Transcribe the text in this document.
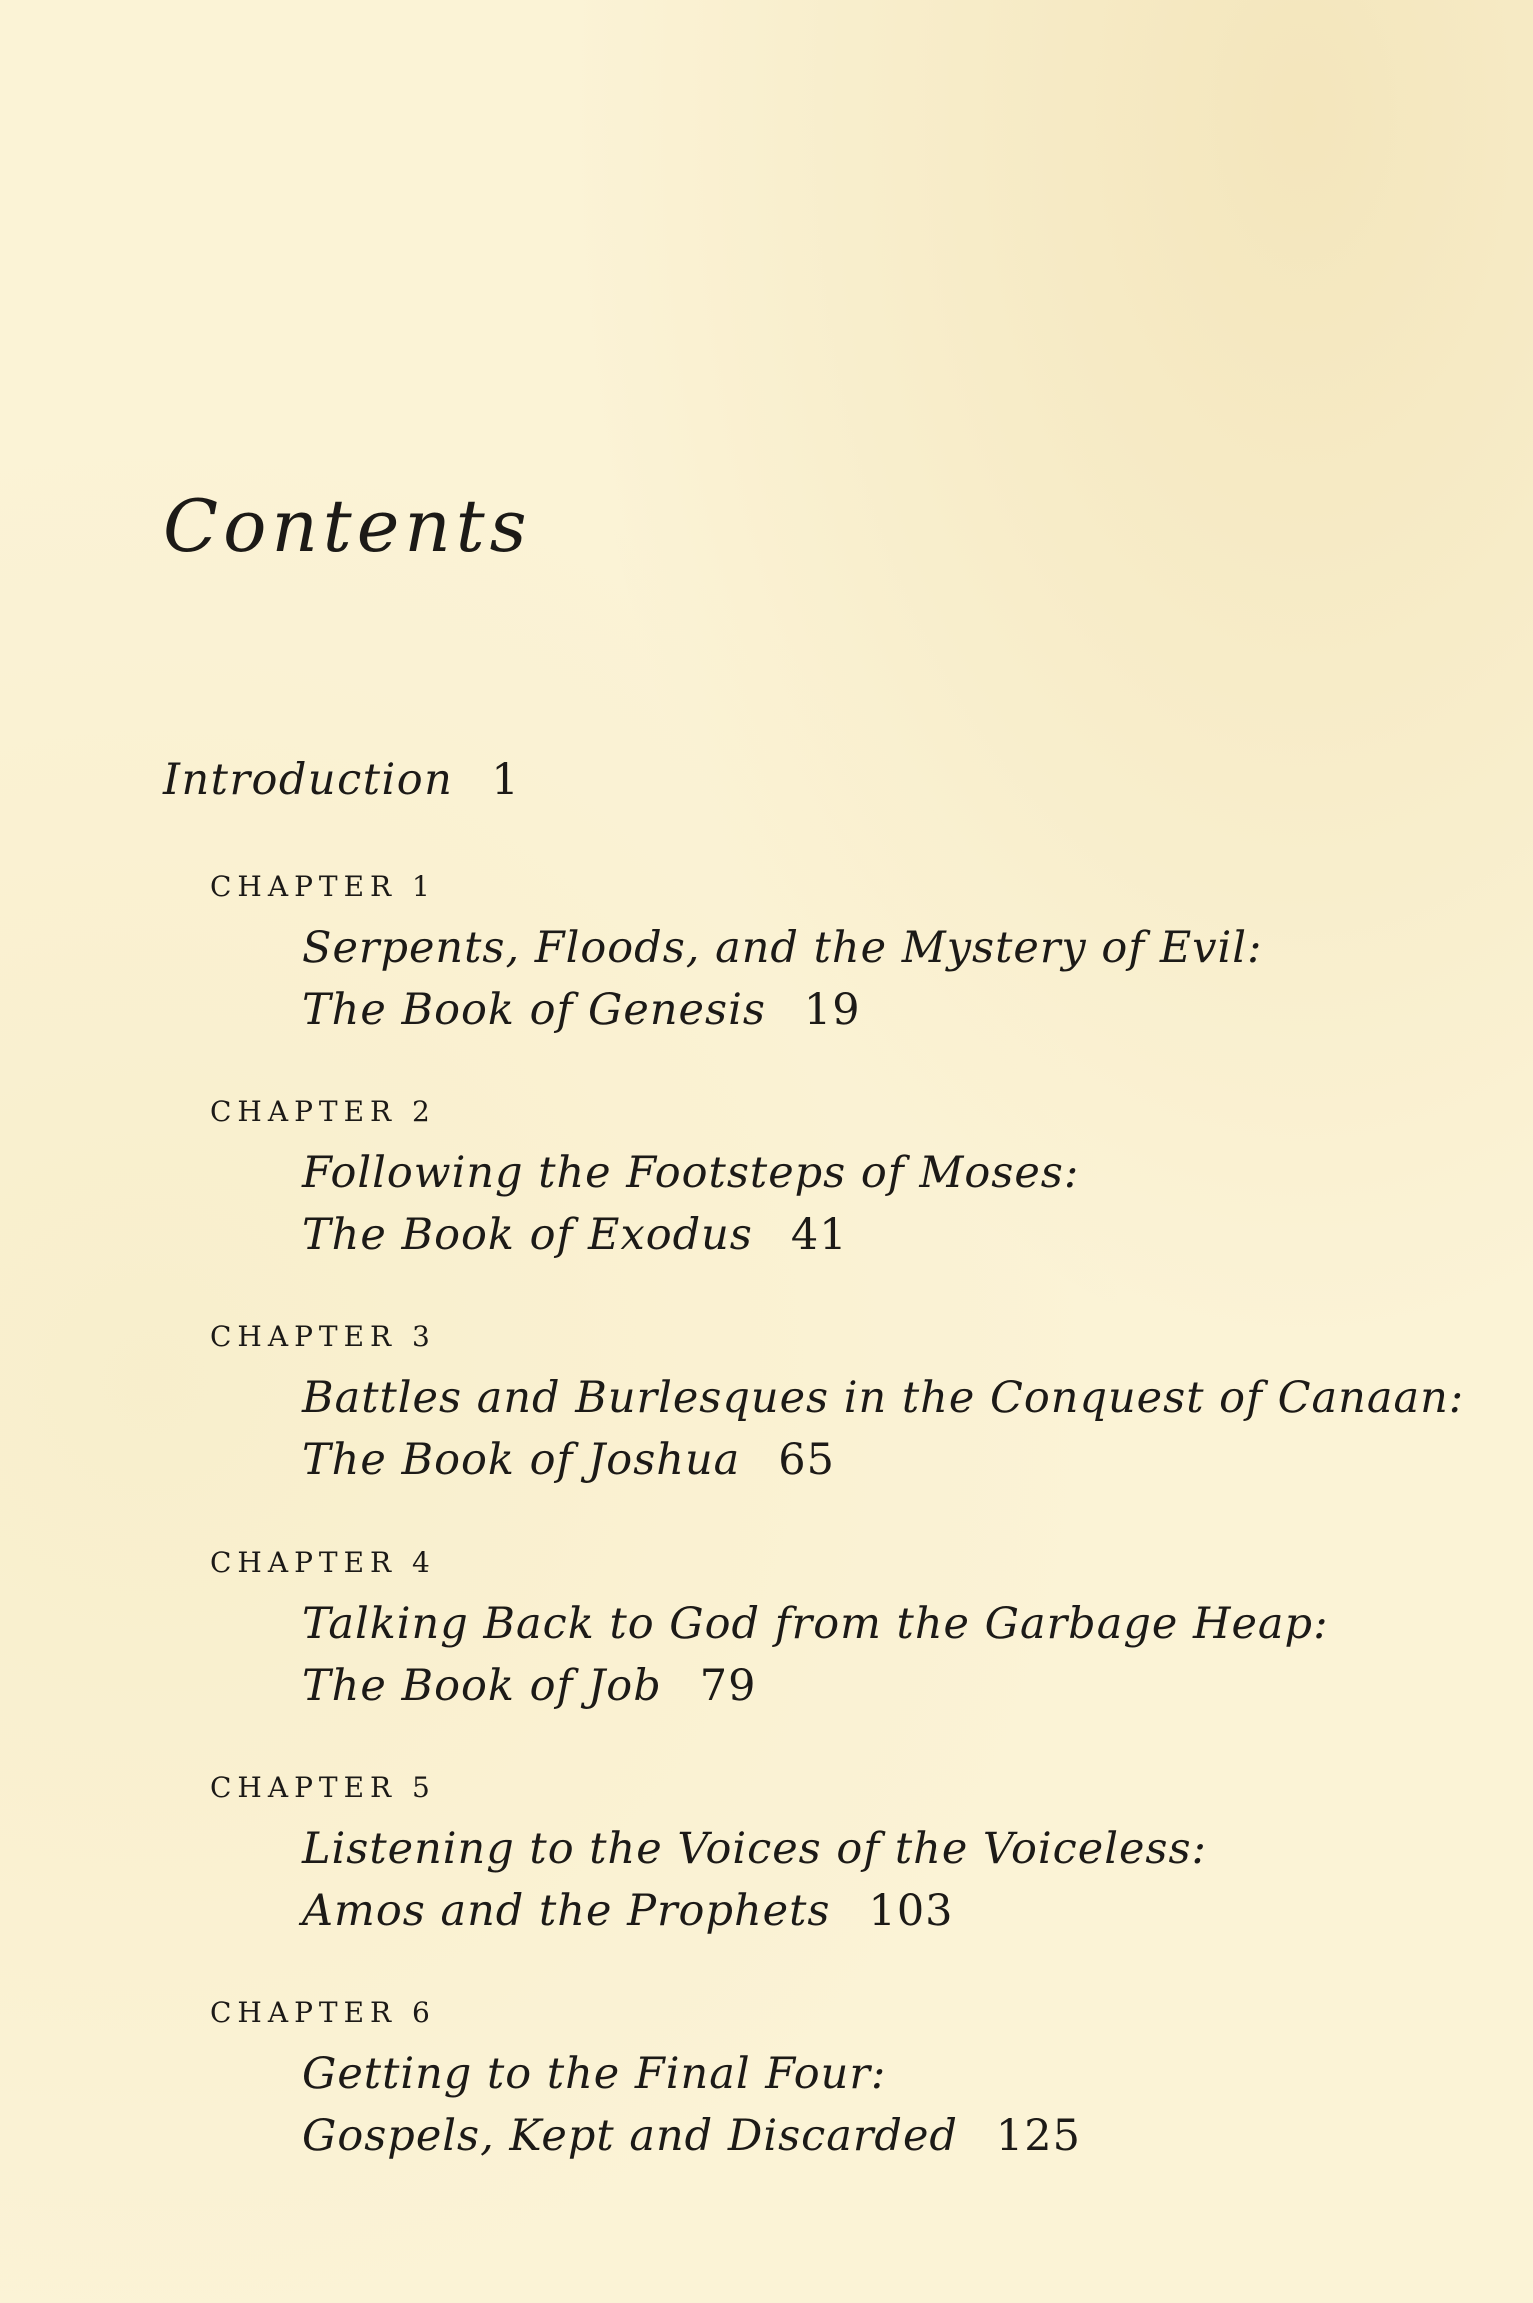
Contents
Introduction 1
CHAPTER 1
Serpents, Floods, and the Mystery of Evil:
The Book of Genesis 19
CHAPTER 2
Following the Footsteps of Moses:
The Book of Exodus 41
CHAPTER 3
Battles and Burlesques in the Conquest of Canaan:
The Book of Joshua 65
CHAPTER 4
Talking Back to God from the Garbage Heap:
The Book of Job 79
CHAPTER 5
Listening to the Voices of the Voiceless:
Amos and the Prophets 103
CHAPTER 6
Getting to the Final Four:
Gospels, Kept and Discarded 125
